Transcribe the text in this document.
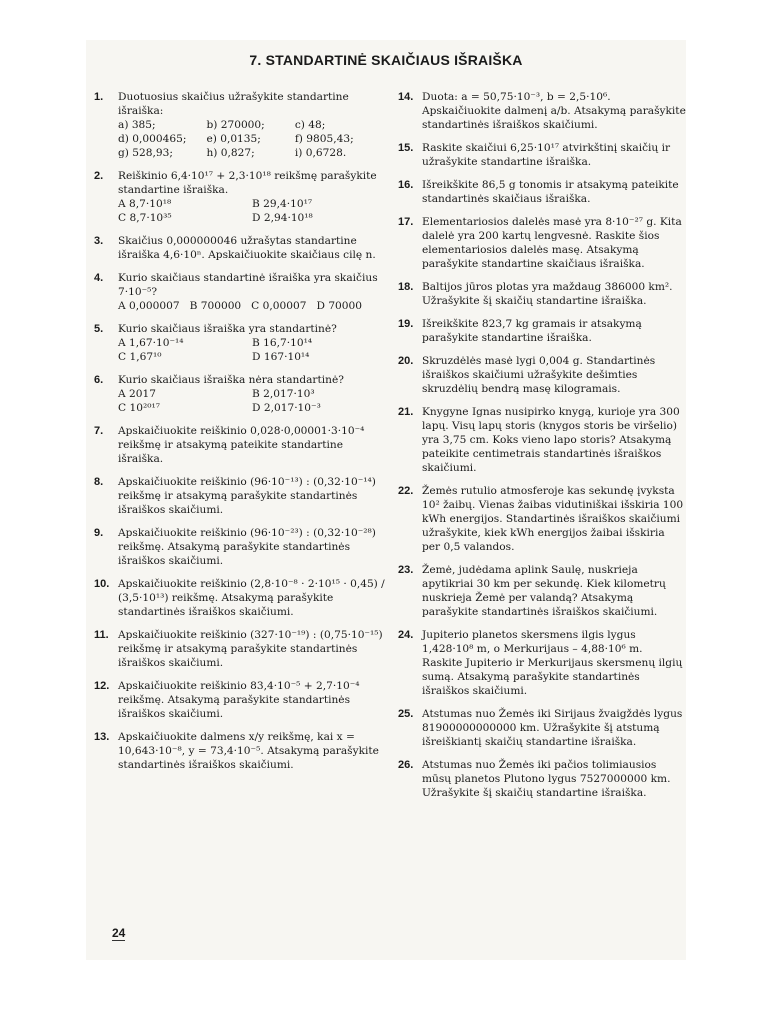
7. STANDARTINĖ SKAIČIAUS IŠRAIŠKA
1. Duotuosius skaičius užrašykite standartine išraiška:
a) 385;	b) 270000;	c) 48;
d) 0,000465;	e) 0,0135;	f) 9805,43;
g) 528,93;	h) 0,827;	i) 0,6728.
2. Reiškinio 6,4·10¹⁷ + 2,3·10¹⁸ reikšmę parašykite standartine išraiška.
A 8,7·10¹⁸	B 29,4·10¹⁷
C 8,7·10³⁵	D 2,94·10¹⁸
3. Skaičius 0,000000046 užrašytas standartine išraiška 4,6·10ⁿ. Apskaičiuokite skaičiaus cilę n.
4. Kurio skaičiaus standartinė išraiška yra skaičius 7·10⁻⁵?
A 0,000007 B 700000 C 0,00007 D 70000
5. Kurio skaičiaus išraiška yra standartinė?
A 1,67·10⁻¹⁴	B 16,7·10¹⁴
C 1,67¹⁰	D 167·10¹⁴
6. Kurio skaičiaus išraiška nėra standartinė?
A 2017	B 2,017·10³
C 10²⁰¹⁷	D 2,017·10⁻³
7. Apskaičiuokite reiškinio 0,028·0,00001·3·10⁻⁴ reikšmę ir atsakymą pateikite standartine išraiška.
8. Apskaičiuokite reiškinio (96·10⁻¹³) : (0,32·10⁻¹⁴) reikšmę ir atsakymą parašykite standartinės išraiškos skaičiumi.
9. Apskaičiuokite reiškinio (96·10⁻²³) : (0,32·10⁻²⁸) reikšmę. Atsakymą parašykite standartinės išraiškos skaičiumi.
10. Apskaičiuokite reiškinio (2,8·10⁻⁸ · 2·10¹⁵ · 0,45) / (3,5·10¹³) reikšmę. Atsakymą parašykite standartinės išraiškos skaičiumi.
11. Apskaičiuokite reiškinio (327·10⁻¹⁹) : (0,75·10⁻¹⁵) reikšmę ir atsakymą parašykite standartinės išraiškos skaičiumi.
12. Apskaičiuokite reiškinio 83,4·10⁻⁵ + 2,7·10⁻⁴ reikšmę. Atsakymą parašykite standartinės išraiškos skaičiumi.
13. Apskaičiuokite dalmens x/y reikšmę, kai x = 10,643·10⁻⁸, y = 73,4·10⁻⁵. Atsakymą parašykite standartinės išraiškos skaičiumi.
14. Duota: a = 50,75·10⁻³, b = 2,5·10⁶. Apskaičiuokite dalmenį a/b. Atsakymą parašykite standartinės išraiškos skaičiumi.
15. Raskite skaičiui 6,25·10¹⁷ atvirkštinį skaičių ir užrašykite standartine išraiška.
16. Išreikškite 86,5 g tonomis ir atsakymą pateikite standartinės skaičiaus išraiška.
17. Elementariosios dalelės masė yra 8·10⁻²⁷ g. Kita dalelė yra 200 kartų lengvesnė. Raskite šios elementariosios dalelės masę. Atsakymą parašykite standartine skaičiaus išraiška.
18. Baltijos jūros plotas yra maždaug 386000 km². Užrašykite šį skaičių standartine išraiška.
19. Išreikškite 823,7 kg gramais ir atsakymą parašykite standartine išraiška.
20. Skruzdėlės masė lygi 0,004 g. Standartinės išraiškos skaičiumi užrašykite dešimties skruzdėlių bendrą masę kilogramais.
21. Knygyne Ignas nusipirko knygą, kurioje yra 300 lapų. Visų lapų storis (knygos storis be viršelio) yra 3,75 cm. Koks vieno lapo storis? Atsakymą pateikite centimetrais standartinės išraiškos skaičiumi.
22. Žemės rutulio atmosferoje kas sekundę įvyksta 10² žaibų. Vienas žaibas vidutiniškai išskiria 100 kWh energijos. Standartinės išraiškos skaičiumi užrašykite, kiek kWh energijos žaibai išskiria per 0,5 valandos.
23. Žemė, judėdama aplink Saulę, nuskrieja apytikriai 30 km per sekundę. Kiek kilometrų nuskrieja Žemė per valandą? Atsakymą parašykite standartinės išraiškos skaičiumi.
24. Jupiterio planetos skersmens ilgis lygus 1,428·10⁸ m, o Merkurijaus – 4,88·10⁶ m. Raskite Jupiterio ir Merkurijaus skersmenų ilgių sumą. Atsakymą parašykite standartinės išraiškos skaičiumi.
25. Atstumas nuo Žemės iki Sirijaus žvaigždės lygus 81900000000000 km. Užrašykite šį atstumą išreiškiantį skaičių standartine išraiška.
26. Atstumas nuo Žemės iki pačios tolimiausios mūsų planetos Plutono lygus 7527000000 km. Užrašykite šį skaičių standartine išraiška.
24
